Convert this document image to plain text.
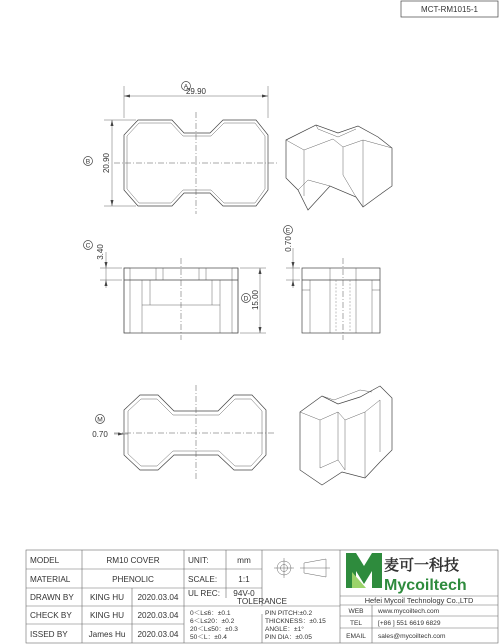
MCT-RM1015-1
29.90
A
20.90
B
3.40
C
15.00
D
0.70
E
0.70
M
MODEL	RM10 COVER	UNIT:	mm
MATERIAL	PHENOLIC	SCALE:	1:1
DRAWN BY KING HU 2020.03.04
CHECK BY KING HU 2020.03.04
ISSED BY	James Hu 2020.03.04
UL REC: 94V-0
TOLERANCE
0＜L≤6：±0.1
6＜L≤20：±0.2
20＜L≤50：±0.3
50＜L：±0.4
PIN PITCH:±0.2
THICKNESS：±0.15
ANGLE：±1°
PIN DIA：±0.05
麦可一科技
Mycoiltech
Hefei Mycoil Technology Co.,LTD
WEB www.mycoiltech.com
TEL [+86 ] 551 6619 6829
EMAIL sales@mycoiltech.com
